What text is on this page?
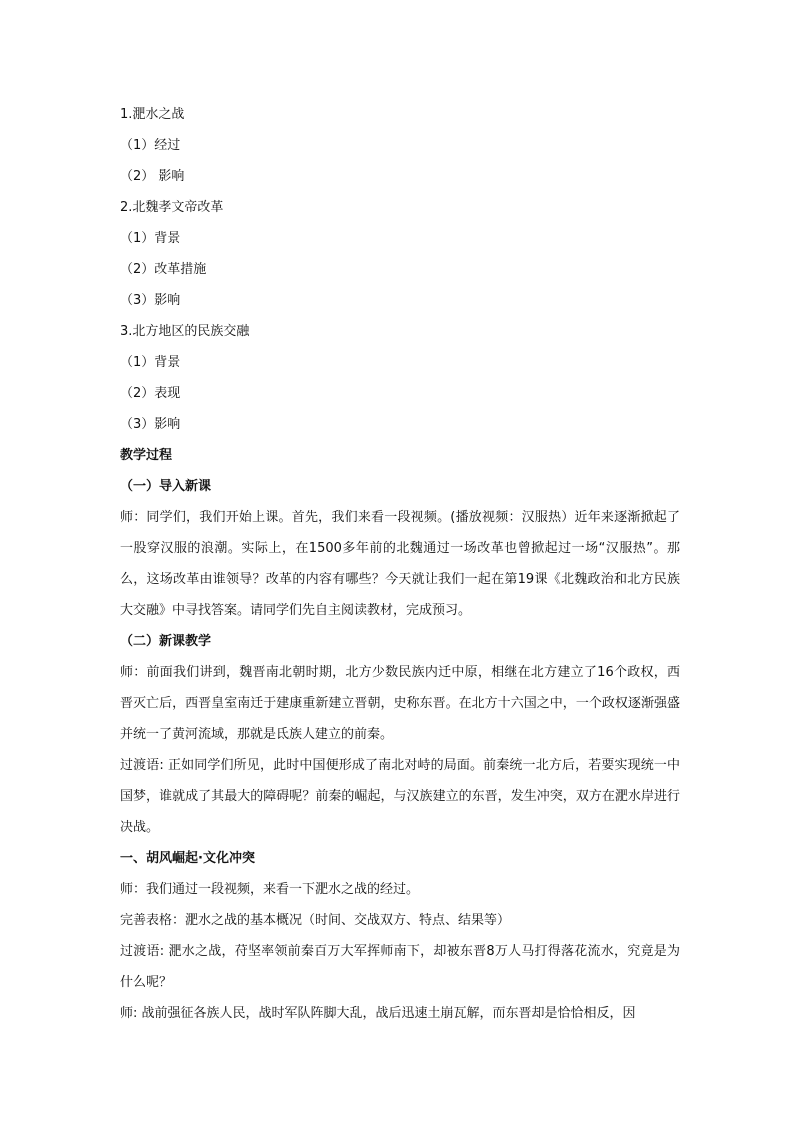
1.淝水之战
（1）经过
（2） 影响
2.北魏孝文帝改革
（1）背景
（2）改革措施
（3）影响
3.北方地区的民族交融
（1）背景
（2）表现
（3）影响
教学过程
（一）导入新课

师：同学们，我们开始上课。首先，我们来看一段视频。(播放视频：汉服热）近年来逐渐掀起了一股穿汉服的浪潮。实际上，在1500多年前的北魏通过一场改革也曾掀起过一场“汉服热”。那么，这场改革由谁领导？改革的内容有哪些？今天就让我们一起在第19课《北魏政治和北方民族大交融》中寻找答案。请同学们先自主阅读教材，完成预习。

（二）新课教学

师：前面我们讲到，魏晋南北朝时期，北方少数民族内迁中原，相继在北方建立了16个政权，西晋灭亡后，西晋皇室南迁于建康重新建立晋朝，史称东晋。在北方十六国之中，一个政权逐渐强盛并统一了黄河流域，那就是氐族人建立的前秦。

过渡语: 正如同学们所见，此时中国便形成了南北对峙的局面。前秦统一北方后，若要实现统一中国梦，谁就成了其最大的障碍呢？前秦的崛起，与汉族建立的东晋，发生冲突，双方在淝水岸进行决战。

一、胡风崛起·文化冲突

师：我们通过一段视频，来看一下淝水之战的经过。

完善表格：淝水之战的基本概况（时间、交战双方、特点、结果等）

过渡语: 淝水之战，苻坚率领前秦百万大军挥师南下，却被东晋8万人马打得落花流水，究竟是为什么呢？

师: 战前强征各族人民，战时军队阵脚大乱，战后迅速土崩瓦解，而东晋却是恰恰相反，因
